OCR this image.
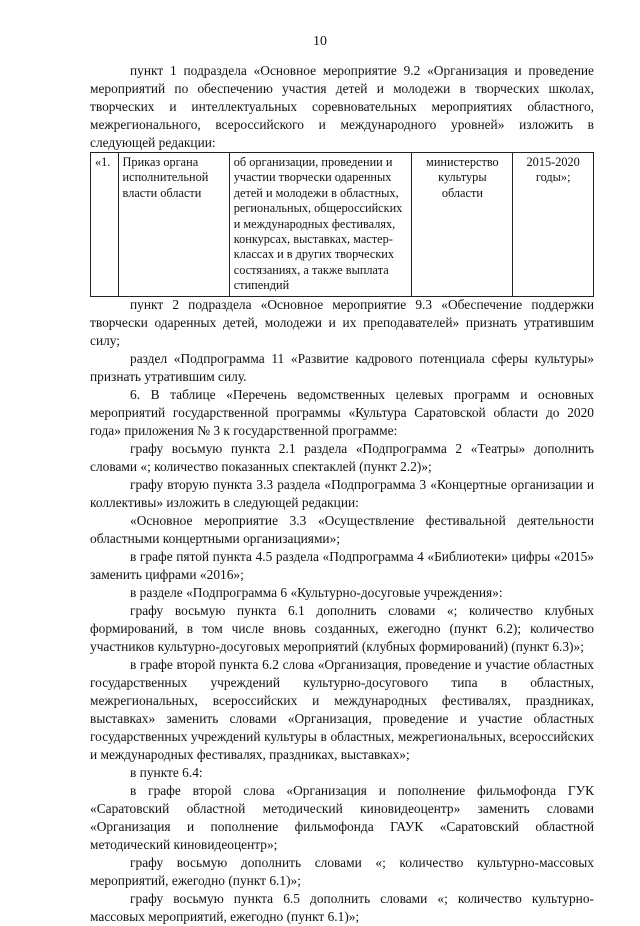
10

пункт 1 подраздела «Основное мероприятие 9.2 «Организация и проведение мероприятий по обеспечению участия детей и молодежи в творческих школах, творческих и интеллектуальных соревновательных мероприятиях областного, межрегионального, всероссийского и международного уровней» изложить в следующей редакции:

«1.	Приказ органа исполнительной власти области	об организации, проведении и участии творчески одаренных детей и молодежи в областных, региональных, общероссийских и международных фестивалях, конкурсах, выставках, мастер-классах и в других творческих состязаниях, а также выплата стипендий	министерство культуры области	2015-2020 годы»;

пункт 2 подраздела «Основное мероприятие 9.3 «Обеспечение поддержки творчески одаренных детей, молодежи и их преподавателей» признать утратившим силу;

раздел «Подпрограмма 11 «Развитие кадрового потенциала сферы культуры» признать утратившим силу.

6. В таблице «Перечень ведомственных целевых программ и основных мероприятий государственной программы «Культура Саратовской области до 2020 года» приложения № 3 к государственной программе:

графу восьмую пункта 2.1 раздела «Подпрограмма 2 «Театры» дополнить словами «; количество показанных спектаклей (пункт 2.2)»;

графу вторую пункта 3.3 раздела «Подпрограмма 3 «Концертные организации и коллективы» изложить в следующей редакции:

«Основное мероприятие 3.3 «Осуществление фестивальной деятельности областными концертными организациями»;

в графе пятой пункта 4.5 раздела «Подпрограмма 4 «Библиотеки» цифры «2015» заменить цифрами «2016»;

в разделе «Подпрограмма 6 «Культурно-досуговые учреждения»:

графу восьмую пункта 6.1 дополнить словами «; количество клубных формирований, в том числе вновь созданных, ежегодно (пункт 6.2); количество участников культурно-досуговых мероприятий (клубных формирований) (пункт 6.3)»;

в графе второй пункта 6.2 слова «Организация, проведение и участие областных государственных учреждений культурно-досугового типа в областных, межрегиональных, всероссийских и международных фестивалях, праздниках, выставках» заменить словами «Организация, проведение и участие областных государственных учреждений культуры в областных, межрегиональных, всероссийских и международных фестивалях, праздниках, выставках»;

в пункте 6.4:

в графе второй слова «Организация и пополнение фильмофонда ГУК «Саратовский областной методический киновидеоцентр» заменить словами «Организация и пополнение фильмофонда ГАУК «Саратовский областной методический киновидеоцентр»;

графу восьмую дополнить словами «; количество культурно-массовых мероприятий, ежегодно (пункт 6.1)»;

графу восьмую пункта 6.5 дополнить словами «; количество культурно-массовых мероприятий, ежегодно (пункт 6.1)»;
